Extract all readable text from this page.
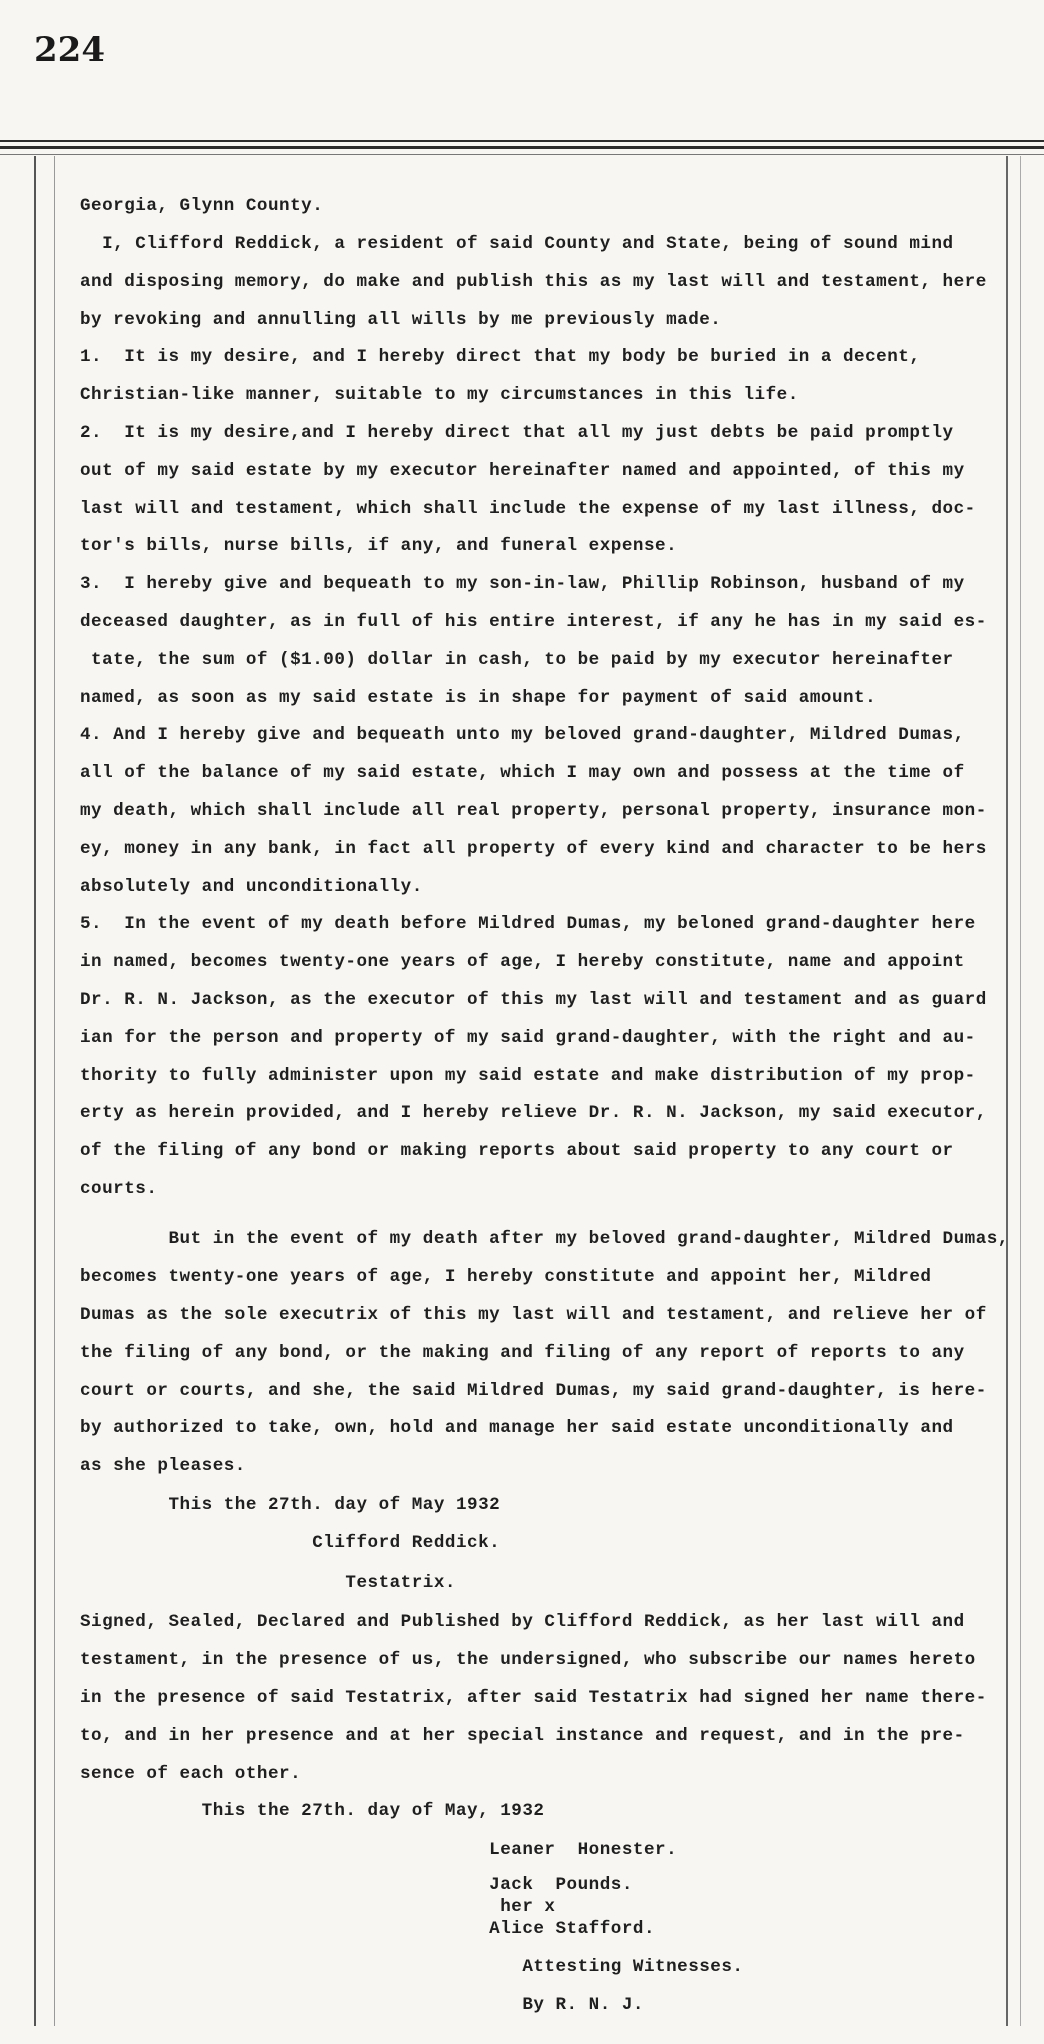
224
Georgia, Glynn County.
I, Clifford Reddick, a resident of said County and State, being of sound mind
and disposing memory, do make and publish this as my last will and testament, here
by revoking and annulling all wills by me previously made.
1.  It is my desire, and I hereby direct that my body be buried in a decent,
Christian-like manner, suitable to my circumstances in this life.
2.  It is my desire,and I hereby direct that all my just debts be paid promptly
out of my said estate by my executor hereinafter named and appointed, of this my
last will and testament, which shall include the expense of my last illness, doc-
tor's bills, nurse bills, if any, and funeral expense.
3.  I hereby give and bequeath to my son-in-law, Phillip Robinson, husband of my
deceased daughter, as in full of his entire interest, if any he has in my said es-
tate, the sum of ($1.00) dollar in cash, to be paid by my executor hereinafter
named, as soon as my said estate is in shape for payment of said amount.
4. And I hereby give and bequeath unto my beloved grand-daughter, Mildred Dumas,
all of the balance of my said estate, which I may own and possess at the time of
my death, which shall include all real property, personal property, insurance mon-
ey, money in any bank, in fact all property of every kind and character to be hers
absolutely and unconditionally.
5.  In the event of my death before Mildred Dumas, my beloned grand-daughter here
in named, becomes twenty-one years of age, I hereby constitute, name and appoint
Dr. R. N. Jackson, as the executor of this my last will and testament and as guard
ian for the person and property of my said grand-daughter, with the right and au-
thority to fully administer upon my said estate and make distribution of my prop-
erty as herein provided, and I hereby relieve Dr. R. N. Jackson, my said executor,
of the filing of any bond or making reports about said property to any court or
courts.
But in the event of my death after my beloved grand-daughter, Mildred Dumas,
becomes twenty-one years of age, I hereby constitute and appoint her, Mildred
Dumas as the sole executrix of this my last will and testament, and relieve her of
the filing of any bond, or the making and filing of any report of reports to any
court or courts, and she, the said Mildred Dumas, my said grand-daughter, is here-
by authorized to take, own, hold and manage her said estate unconditionally and
as she pleases.
This the 27th. day of May 1932
Clifford Reddick.
Testatrix.
Signed, Sealed, Declared and Published by Clifford Reddick, as her last will and
testament, in the presence of us, the undersigned, who subscribe our names hereto
in the presence of said Testatrix, after said Testatrix had signed her name there-
to, and in her presence and at her special instance and request, and in the pre-
sence of each other.
This the 27th. day of May, 1932
Leaner  Honester.
Jack  Pounds.
her x
Alice Stafford.
Attesting Witnesses.
By R. N. J.
